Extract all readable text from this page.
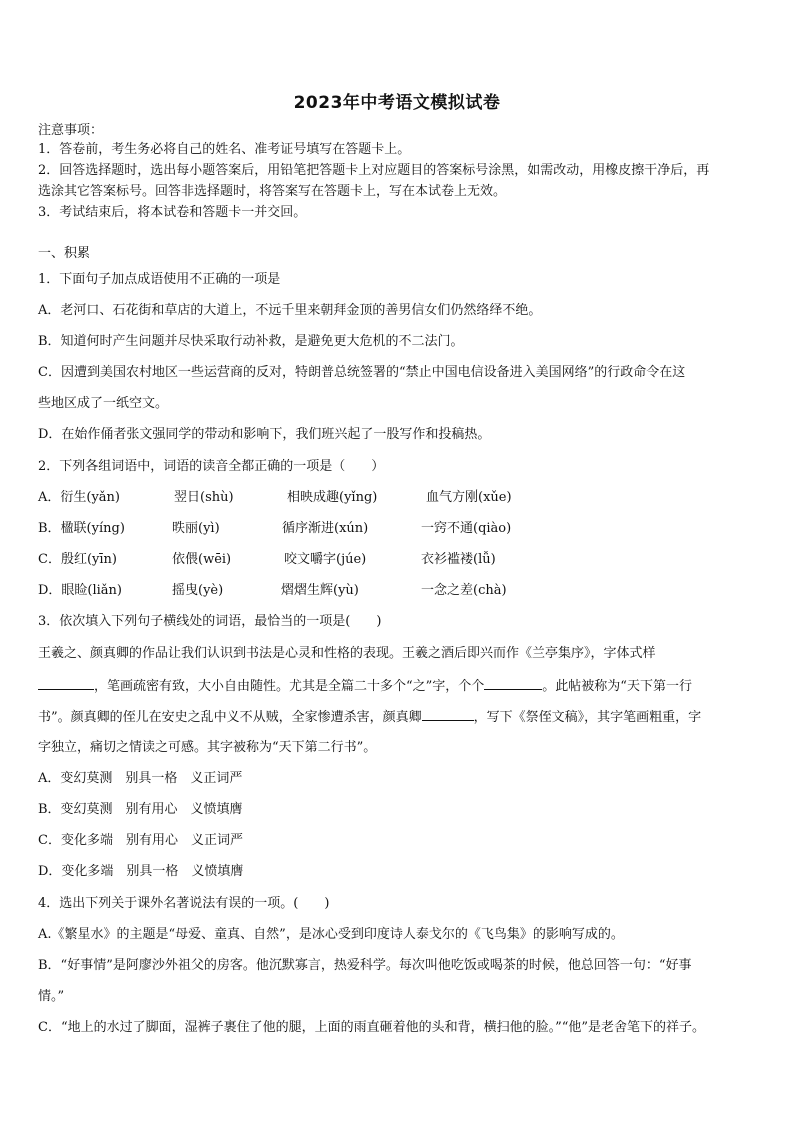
2023年中考语文模拟试卷
注意事项：
1．答卷前，考生务必将自己的姓名、准考证号填写在答题卡上。
2．回答选择题时，选出每小题答案后，用铅笔把答题卡上对应题目的答案标号涂黑，如需改动，用橡皮擦干净后，再
选涂其它答案标号。回答非选择题时，将答案写在答题卡上，写在本试卷上无效。
3．考试结束后，将本试卷和答题卡一并交回。
一、积累
1．下面句子加点成语使用不正确的一项是
A．老河口、石花街和草店的大道上，不远千里来朝拜金顶的善男信女们仍然络绎不绝。
B．知道何时产生问题并尽快采取行动补救，是避免更大危机的不二法门。
C．因遭到美国农村地区一些运营商的反对，特朗普总统签署的“禁止中国电信设备进入美国网络”的行政命令在这
些地区成了一纸空文。
D．在始作俑者张文强同学的带动和影响下，我们班兴起了一股写作和投稿热。
2．下列各组词语中，词语的读音全都正确的一项是（　　）
A．衍生(yǎn)	翌日(shù)	相映成趣(yǐng)	血气方刚(xǔe)
B．楹联(yíng)	昳丽(yì)	循序渐进(xún)	一窍不通(qiào)
C．殷红(yīn)	依偎(wēi)	咬文嚼字(júe)	衣衫褴褛(lǚ)
D．眼睑(liǎn)	摇曳(yè)	熠熠生辉(yù)	一念之差(chà)
3．依次填入下列句子横线处的词语，最恰当的一项是(　　)
王羲之、颜真卿的作品让我们认识到书法是心灵和性格的表现。王羲之酒后即兴而作《兰亭集序》，字体式样
，笔画疏密有致，大小自由随性。尤其是全篇二十多个“之”字，个个	。此帖被称为“天下第一行
书”。颜真卿的侄儿在安史之乱中义不从贼，全家惨遭杀害，颜真卿	，写下《祭侄文稿》，其字笔画粗重，字
字独立，痛切之情读之可感。其字被称为“天下第二行书”。
A．变幻莫测　别具一格　义正词严
B．变幻莫测　别有用心　义愤填膺
C．变化多端　别有用心　义正词严
D．变化多端　别具一格　义愤填膺
4．选出下列关于课外名著说法有误的一项。(　　)
A.《繁星水》的主题是“母爱、童真、自然”，是冰心受到印度诗人泰戈尔的《飞鸟集》的影响写成的。
B．“好事情”是阿廖沙外祖父的房客。他沉默寡言，热爱科学。每次叫他吃饭或喝茶的时候，他总回答一句：“好事
情。”
C．“地上的水过了脚面，湿裤子裹住了他的腿，上面的雨直砸着他的头和背，横扫他的脸。”“他”是老舍笔下的祥子。
